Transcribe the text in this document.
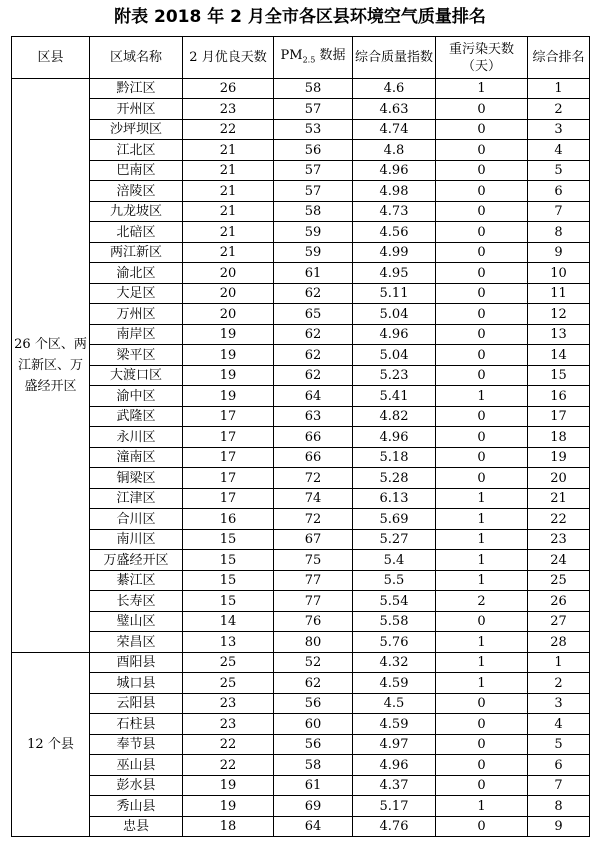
附表 2018 年 2 月全市各区县环境空气质量排名
区县	区域名称	2 月优良天数	$PM_{2.5}$ 数据	综合质量指数	重污染天数（天）	综合排名
26 个区、两江新区、万盛经开区	黔江区	26	58	4.6	1	1
	开州区	23	57	4.63	0	2
	沙坪坝区	22	53	4.74	0	3
	江北区	21	56	4.8	0	4
	巴南区	21	57	4.96	0	5
	涪陵区	21	57	4.98	0	6
	九龙坡区	21	58	4.73	0	7
	北碚区	21	59	4.56	0	8
	两江新区	21	59	4.99	0	9
	渝北区	20	61	4.95	0	10
	大足区	20	62	5.11	0	11
	万州区	20	65	5.04	0	12
	南岸区	19	62	4.96	0	13
	梁平区	19	62	5.04	0	14
	大渡口区	19	62	5.23	0	15
	渝中区	19	64	5.41	1	16
	武隆区	17	63	4.82	0	17
	永川区	17	66	4.96	0	18
	潼南区	17	66	5.18	0	19
	铜梁区	17	72	5.28	0	20
	江津区	17	74	6.13	1	21
	合川区	16	72	5.69	1	22
	南川区	15	67	5.27	1	23
	万盛经开区	15	75	5.4	1	24
	綦江区	15	77	5.5	1	25
	长寿区	15	77	5.54	2	26
	璧山区	14	76	5.58	0	27
	荣昌区	13	80	5.76	1	28
12 个县	酉阳县	25	52	4.32	1	1
	城口县	25	62	4.59	1	2
	云阳县	23	56	4.5	0	3
	石柱县	23	60	4.59	0	4
	奉节县	22	56	4.97	0	5
	巫山县	22	58	4.96	0	6
	彭水县	19	61	4.37	0	7
	秀山县	19	69	5.17	1	8
	忠县	18	64	4.76	0	9
